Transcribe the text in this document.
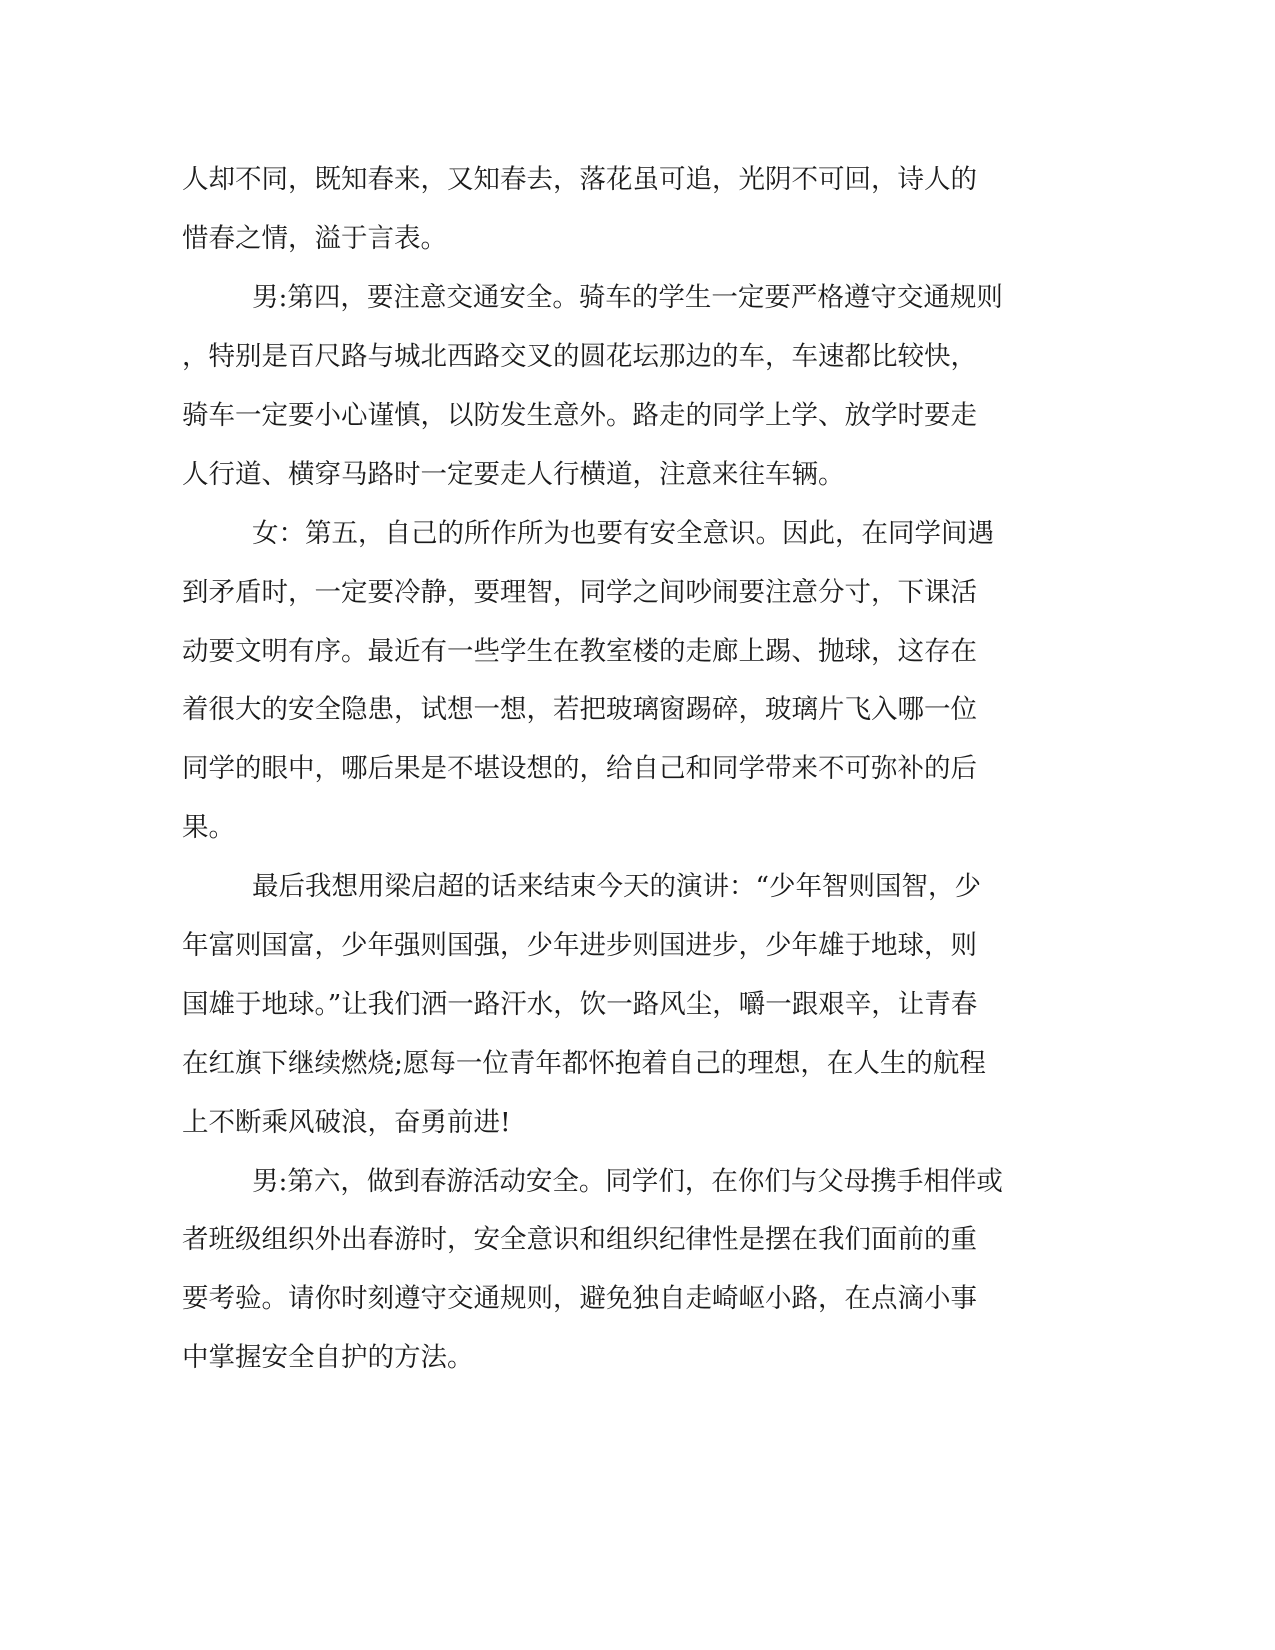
人却不同，既知春来，又知春去，落花虽可追，光阴不可回，诗人的

惜春之情，溢于言表。

男:第四，要注意交通安全。骑车的学生一定要严格遵守交通规则

，特别是百尺路与城北西路交叉的圆花坛那边的车，车速都比较快，

骑车一定要小心谨慎，以防发生意外。路走的同学上学、放学时要走

人行道、横穿马路时一定要走人行横道，注意来往车辆。

女：第五，自己的所作所为也要有安全意识。因此，在同学间遇

到矛盾时，一定要冷静，要理智，同学之间吵闹要注意分寸，下课活

动要文明有序。最近有一些学生在教室楼的走廊上踢、抛球，这存在

着很大的安全隐患，试想一想，若把玻璃窗踢碎，玻璃片飞入哪一位

同学的眼中，哪后果是不堪设想的，给自己和同学带来不可弥补的后

果。

最后我想用梁启超的话来结束今天的演讲：“少年智则国智，少

年富则国富，少年强则国强，少年进步则国进步，少年雄于地球，则

国雄于地球。”让我们洒一路汗水，饮一路风尘，嚼一跟艰辛，让青春

在红旗下继续燃烧;愿每一位青年都怀抱着自己的理想，在人生的航程

上不断乘风破浪，奋勇前进!

男:第六，做到春游活动安全。同学们，在你们与父母携手相伴或

者班级组织外出春游时，安全意识和组织纪律性是摆在我们面前的重

要考验。请你时刻遵守交通规则，避免独自走崎岖小路，在点滴小事

中掌握安全自护的方法。
